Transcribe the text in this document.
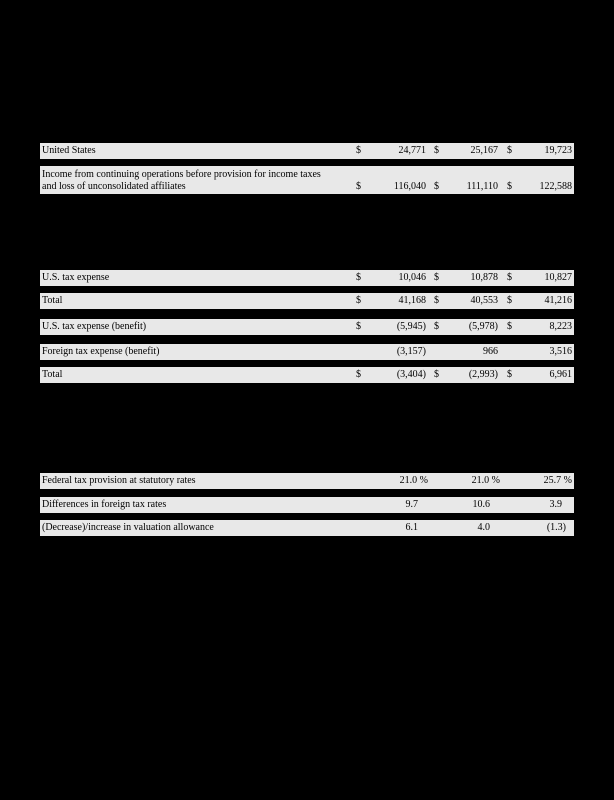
United States	$	24,771 $	25,167 $	19,723
Income from continuing operations before provision for income taxes
and loss of unconsolidated affiliates	$	116,040 $	111,110 $	122,588
U.S. tax expense	$	10,046 $	10,878 $	10,827
Total	$	41,168 $	40,553 $	41,216
U.S. tax expense (benefit)	$	(5,945) $	(5,978) $	8,223
Foreign tax expense (benefit)	(3,157)	966	3,516
Total	$	(3,404) $	(2,993) $	6,961
Federal tax provision at statutory rates	21.0 %	21.0 %	25.7 %
Differences in foreign tax rates	9.7	10.6	3.9
(Decrease)/increase in valuation allowance	6.1	4.0	(1.3)
